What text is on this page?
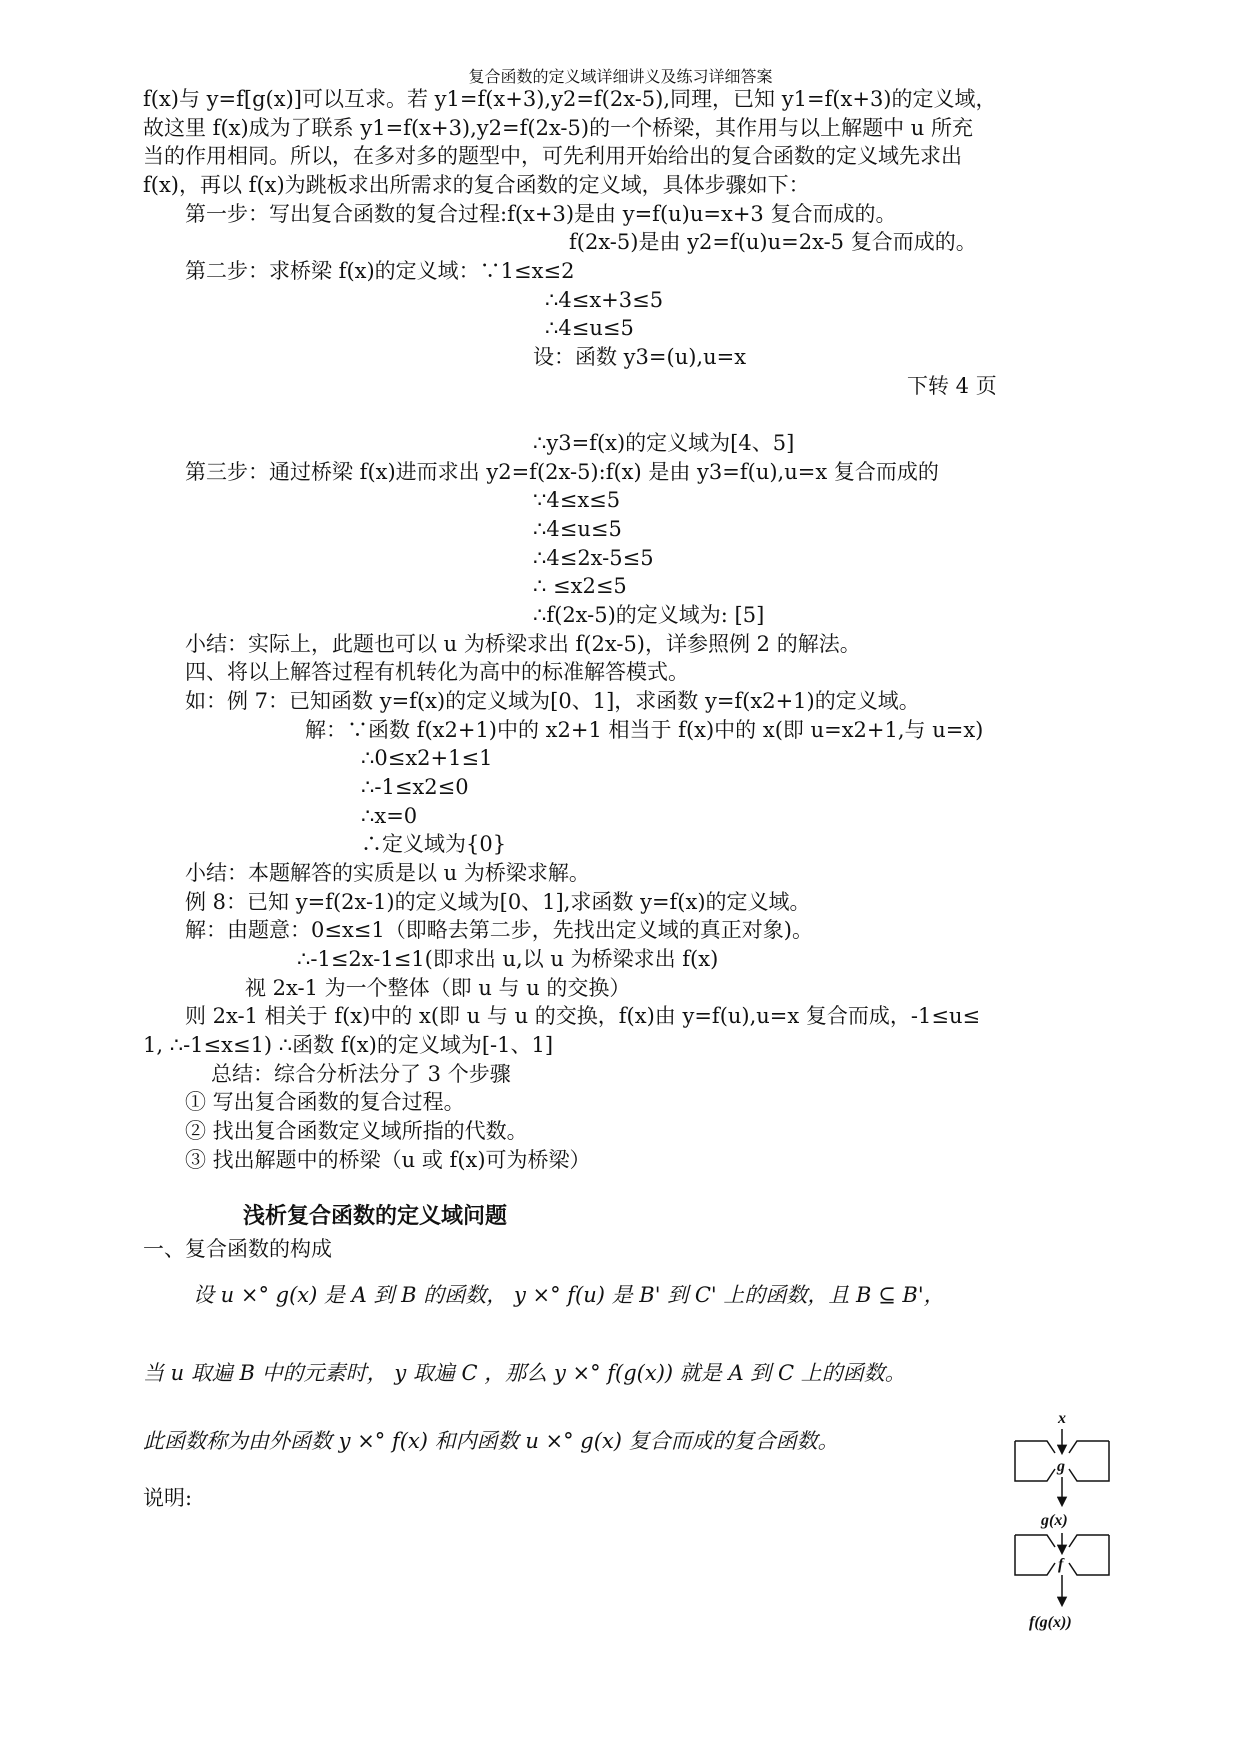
复合函数的定义域详细讲义及练习详细答案
f(x)与 y=f[g(x)]可以互求。若 y1=f(x+3),y2=f(2x-5),同理，已知 y1=f(x+3)的定义域，
故这里 f(x)成为了联系 y1=f(x+3),y2=f(2x-5)的一个桥梁，其作用与以上解题中 u 所充
当的作用相同。所以，在多对多的题型中，可先利用开始给出的复合函数的定义域先求出
f(x)，再以 f(x)为跳板求出所需求的复合函数的定义域，具体步骤如下：
第一步：写出复合函数的复合过程:f(x+3)是由 y=f(u)u=x+3 复合而成的。
f(2x-5)是由 y2=f(u)u=2x-5 复合而成的。
第二步：求桥梁 f(x)的定义域：∵1≤x≤2
∴4≤x+3≤5
∴4≤u≤5
设：函数 y3=(u),u=x
下转 4 页
∴y3=f(x)的定义域为[4、5]
第三步：通过桥梁 f(x)进而求出 y2=f(2x-5):f(x) 是由 y3=f(u),u=x 复合而成的
∵4≤x≤5
∴4≤u≤5
∴4≤2x-5≤5
∴ ≤x2≤5
∴f(2x-5)的定义域为: [5]
小结：实际上，此题也可以 u 为桥梁求出 f(2x-5)，详参照例 2 的解法。
四、将以上解答过程有机转化为高中的标准解答模式。
如：例 7：已知函数 y=f(x)的定义域为[0、1]，求函数 y=f(x2+1)的定义域。
解：∵函数 f(x2+1)中的 x2+1 相当于 f(x)中的 x(即 u=x2+1,与 u=x)
∴0≤x2+1≤1
∴-1≤x2≤0
∴x=0
∴定义域为{0}
小结：本题解答的实质是以 u 为桥梁求解。
例 8：已知 y=f(2x-1)的定义域为[0、1],求函数 y=f(x)的定义域。
解：由题意：0≤x≤1（即略去第二步，先找出定义域的真正对象)。
∴-1≤2x-1≤1(即求出 u,以 u 为桥梁求出 f(x)
视 2x-1 为一个整体（即 u 与 u 的交换）
则 2x-1 相关于 f(x)中的 x(即 u 与 u 的交换，f(x)由 y=f(u),u=x 复合而成，-1≤u≤
1, ∴-1≤x≤1) ∴函数 f(x)的定义域为[-1、1]
总结：综合分析法分了 3 个步骤
① 写出复合函数的复合过程。
② 找出复合函数定义域所指的代数。
③ 找出解题中的桥梁（u 或 f(x)可为桥梁）
浅析复合函数的定义域问题
一、复合函数的构成
设 u ×° g(x) 是 A 到 B 的函数， y ×° f(u) 是 B' 到 C' 上的函数，且 B ⊆ B'，
当 u 取遍 B 中的元素时， y 取遍 C ，那么 y ×° f(g(x)) 就是 A 到 C 上的函数。
此函数称为由外函数 y ×° f(x) 和内函数 u ×° g(x) 复合而成的复合函数。
说明:
x
g
g(x)
f
f(g(x))
